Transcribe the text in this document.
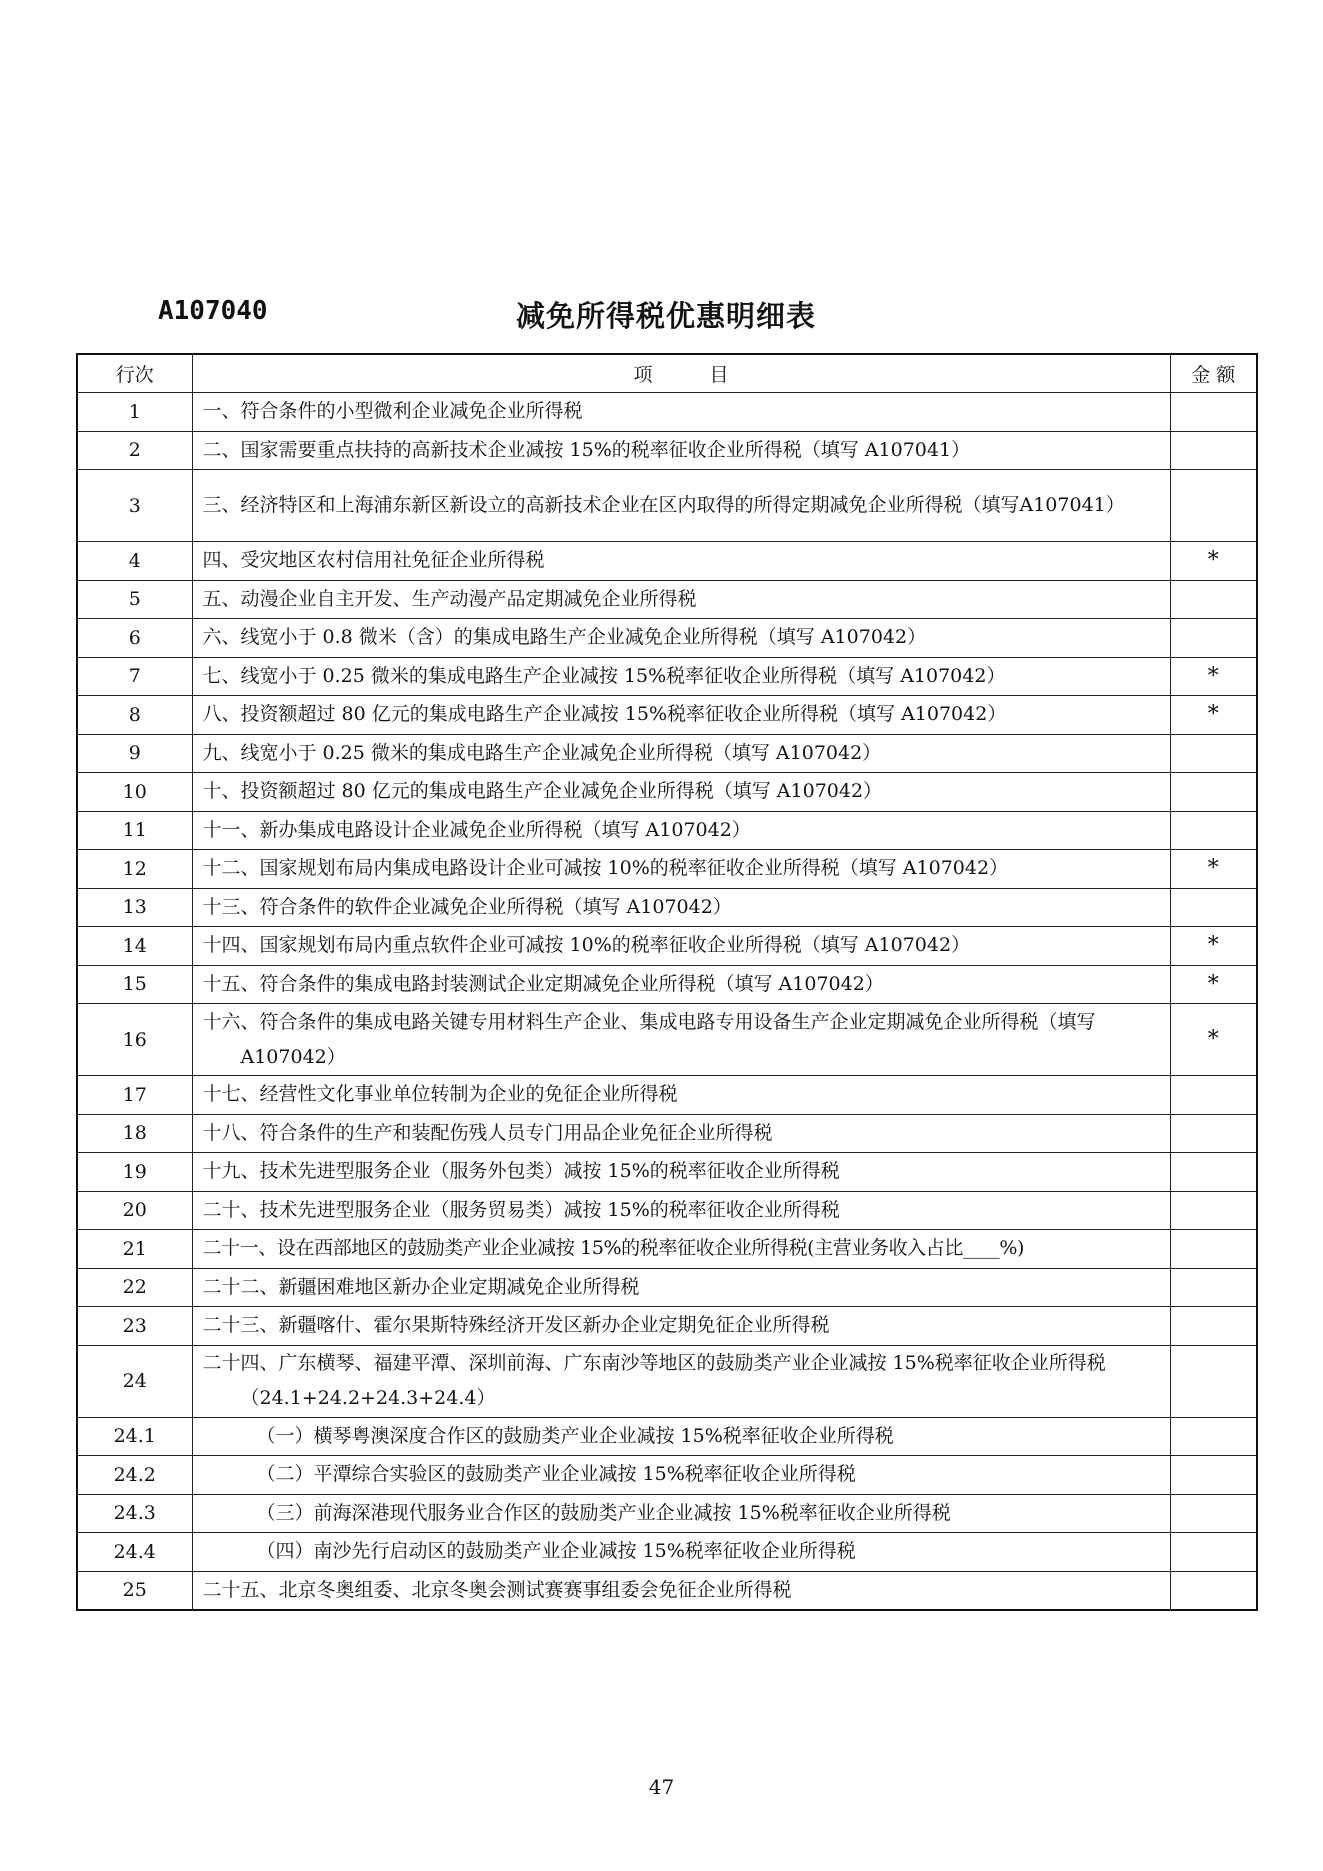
A107040	减免所得税优惠明细表
行次	项　　　目	金 额
1	一、符合条件的小型微利企业减免企业所得税	

2	二、国家需要重点扶持的高新技术企业减按 15%的税率征收企业所得税（填写 A107041）	

3	三、经济特区和上海浦东新区新设立的高新技术企业在区内取得的所得定期减免企业所得税（填写A107041）	

4	四、受灾地区农村信用社免征企业所得税	*
5	五、动漫企业自主开发、生产动漫产品定期减免企业所得税	

6	六、线宽小于 0.8 微米（含）的集成电路生产企业减免企业所得税（填写 A107042）	

7	七、线宽小于 0.25 微米的集成电路生产企业减按 15%税率征收企业所得税（填写 A107042）	*
8	八、投资额超过 80 亿元的集成电路生产企业减按 15%税率征收企业所得税（填写 A107042）	*
9	九、线宽小于 0.25 微米的集成电路生产企业减免企业所得税（填写 A107042）	

10	十、投资额超过 80 亿元的集成电路生产企业减免企业所得税（填写 A107042）	

11	十一、新办集成电路设计企业减免企业所得税（填写 A107042）	

12	十二、国家规划布局内集成电路设计企业可减按 10%的税率征收企业所得税（填写 A107042）	*
13	十三、符合条件的软件企业减免企业所得税（填写 A107042）	

14	十四、国家规划布局内重点软件企业可减按 10%的税率征收企业所得税（填写 A107042）	*
15	十五、符合条件的集成电路封装测试企业定期减免企业所得税（填写 A107042）	*
16	十六、符合条件的集成电路关键专用材料生产企业、集成电路专用设备生产企业定期减免企业所得税（填写 A107042）	*
17	十七、经营性文化事业单位转制为企业的免征企业所得税	

18	十八、符合条件的生产和装配伤残人员专门用品企业免征企业所得税	

19	十九、技术先进型服务企业（服务外包类）减按 15%的税率征收企业所得税	

20	二十、技术先进型服务企业（服务贸易类）减按 15%的税率征收企业所得税	

21	二十一、设在西部地区的鼓励类产业企业减按 15%的税率征收企业所得税(主营业务收入占比____%)	

22	二十二、新疆困难地区新办企业定期减免企业所得税	

23	二十三、新疆喀什、霍尔果斯特殊经济开发区新办企业定期免征企业所得税	

24	二十四、广东横琴、福建平潭、深圳前海、广东南沙等地区的鼓励类产业企业减按 15%税率征收企业所得税（24.1+24.2+24.3+24.4）	

24.1	（一）横琴粤澳深度合作区的鼓励类产业企业减按 15%税率征收企业所得税	

24.2	（二）平潭综合实验区的鼓励类产业企业减按 15%税率征收企业所得税	

24.3	（三）前海深港现代服务业合作区的鼓励类产业企业减按 15%税率征收企业所得税	

24.4	（四）南沙先行启动区的鼓励类产业企业减按 15%税率征收企业所得税	

25	二十五、北京冬奥组委、北京冬奥会测试赛赛事组委会免征企业所得税	

47
